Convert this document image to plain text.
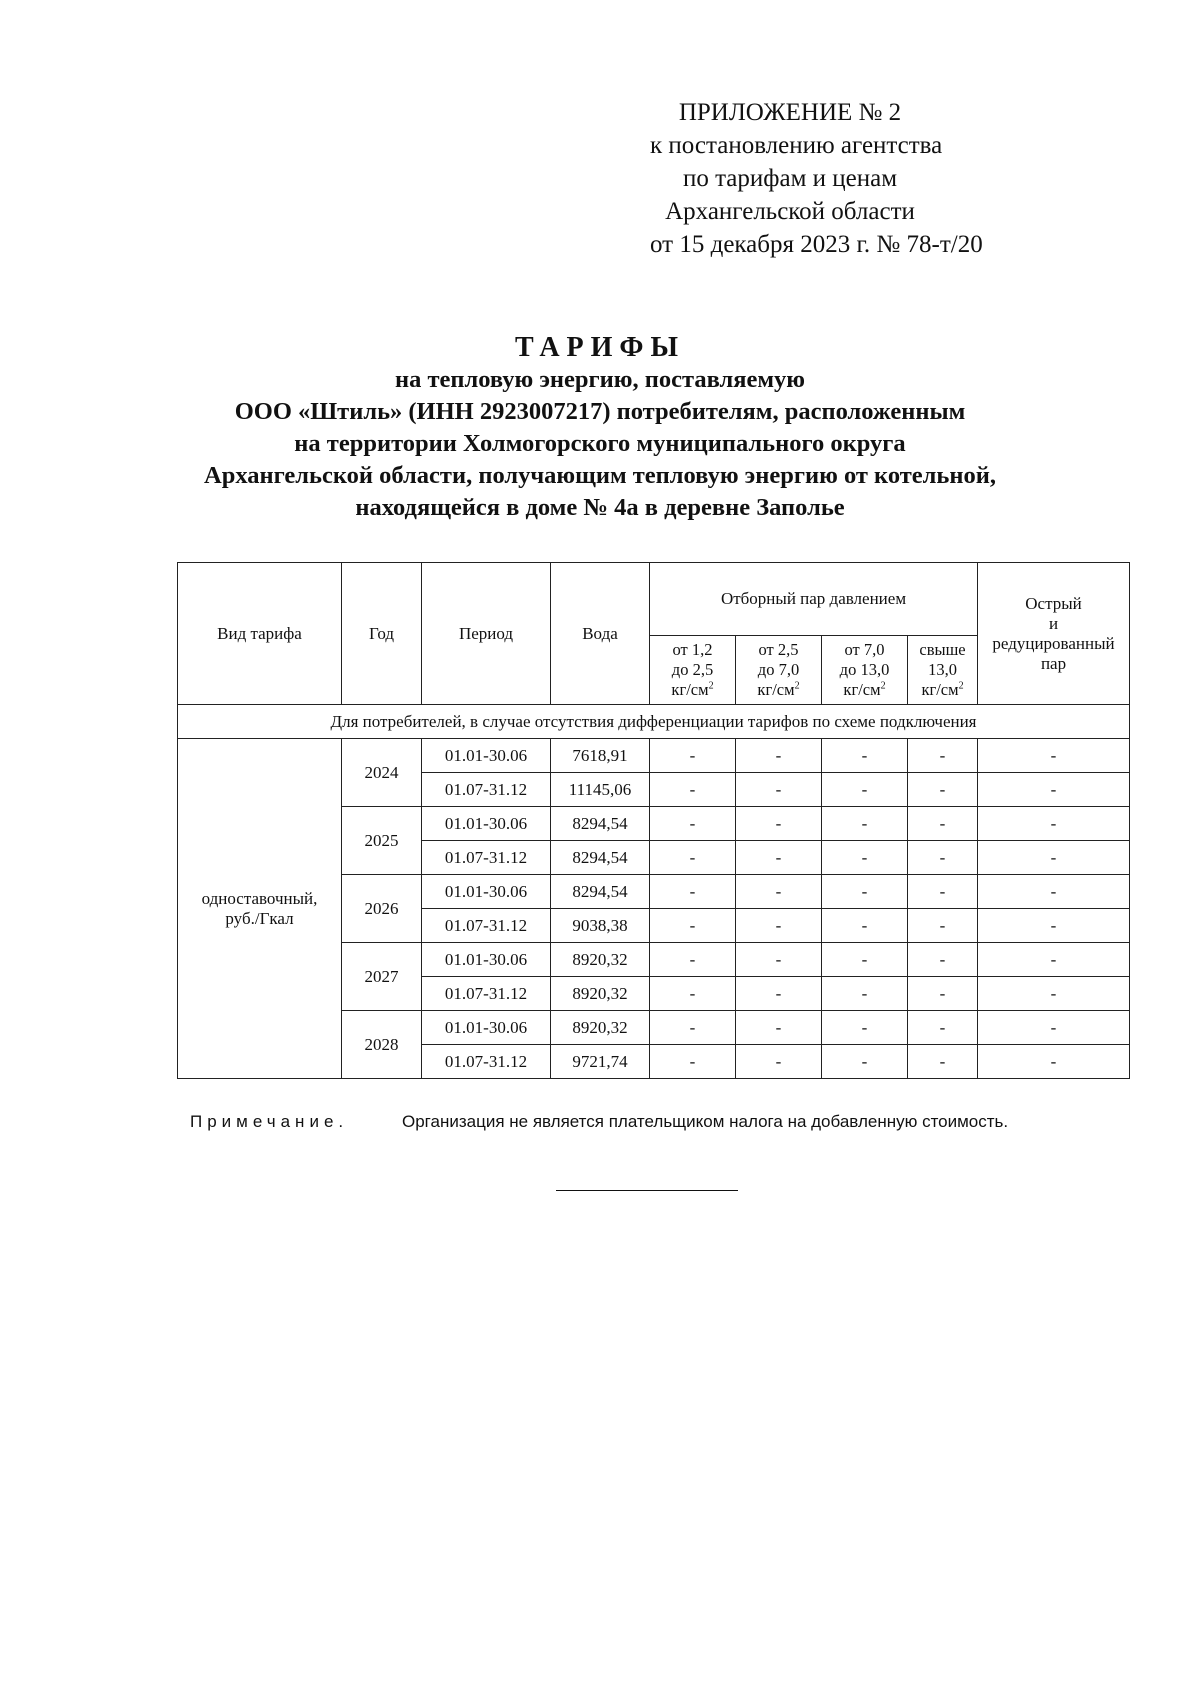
ПРИЛОЖЕНИЕ № 2
к постановлению агентства
по тарифам и ценам
Архангельской области
от 15 декабря 2023 г. № 78-т/20
ТАРИФЫ
на тепловую энергию, поставляемую
ООО «Штиль» (ИНН 2923007217) потребителям, расположенным
на территории Холмогорского муниципального округа
Архангельской области, получающим тепловую энергию от котельной,
находящейся в доме № 4а в деревне Заполье
Вид тарифа	Год	Период	Вода	Отборный пар давлением				Острый
и
редуцированный
пар
				от 1,2
до 2,5
$кг/см^2$	от 2,5
до 7,0
$кг/см^2$	от 7,0
до 13,0
$кг/см^2$	свыше
13,0
$кг/см^2$
Для потребителей, в случае отсутствия дифференциации тарифов по схеме подключения								
одноставочный,
руб./Гкал	2024	01.01-30.06	7618,91	-	-	-	-	-
		01.07-31.12	11145,06	-	-	-	-	-
	2025	01.01-30.06	8294,54	-	-	-	-	-
		01.07-31.12	8294,54	-	-	-	-	-
	2026	01.01-30.06	8294,54	-	-	-	-	-
		01.07-31.12	9038,38	-	-	-	-	-
	2027	01.01-30.06	8920,32	-	-	-	-	-
		01.07-31.12	8920,32	-	-	-	-	-
	2028	01.01-30.06	8920,32	-	-	-	-	-
		01.07-31.12	9721,74	-	-	-	-	-
Примечание.	Организация не является плательщиком налога на добавленную стоимость.
